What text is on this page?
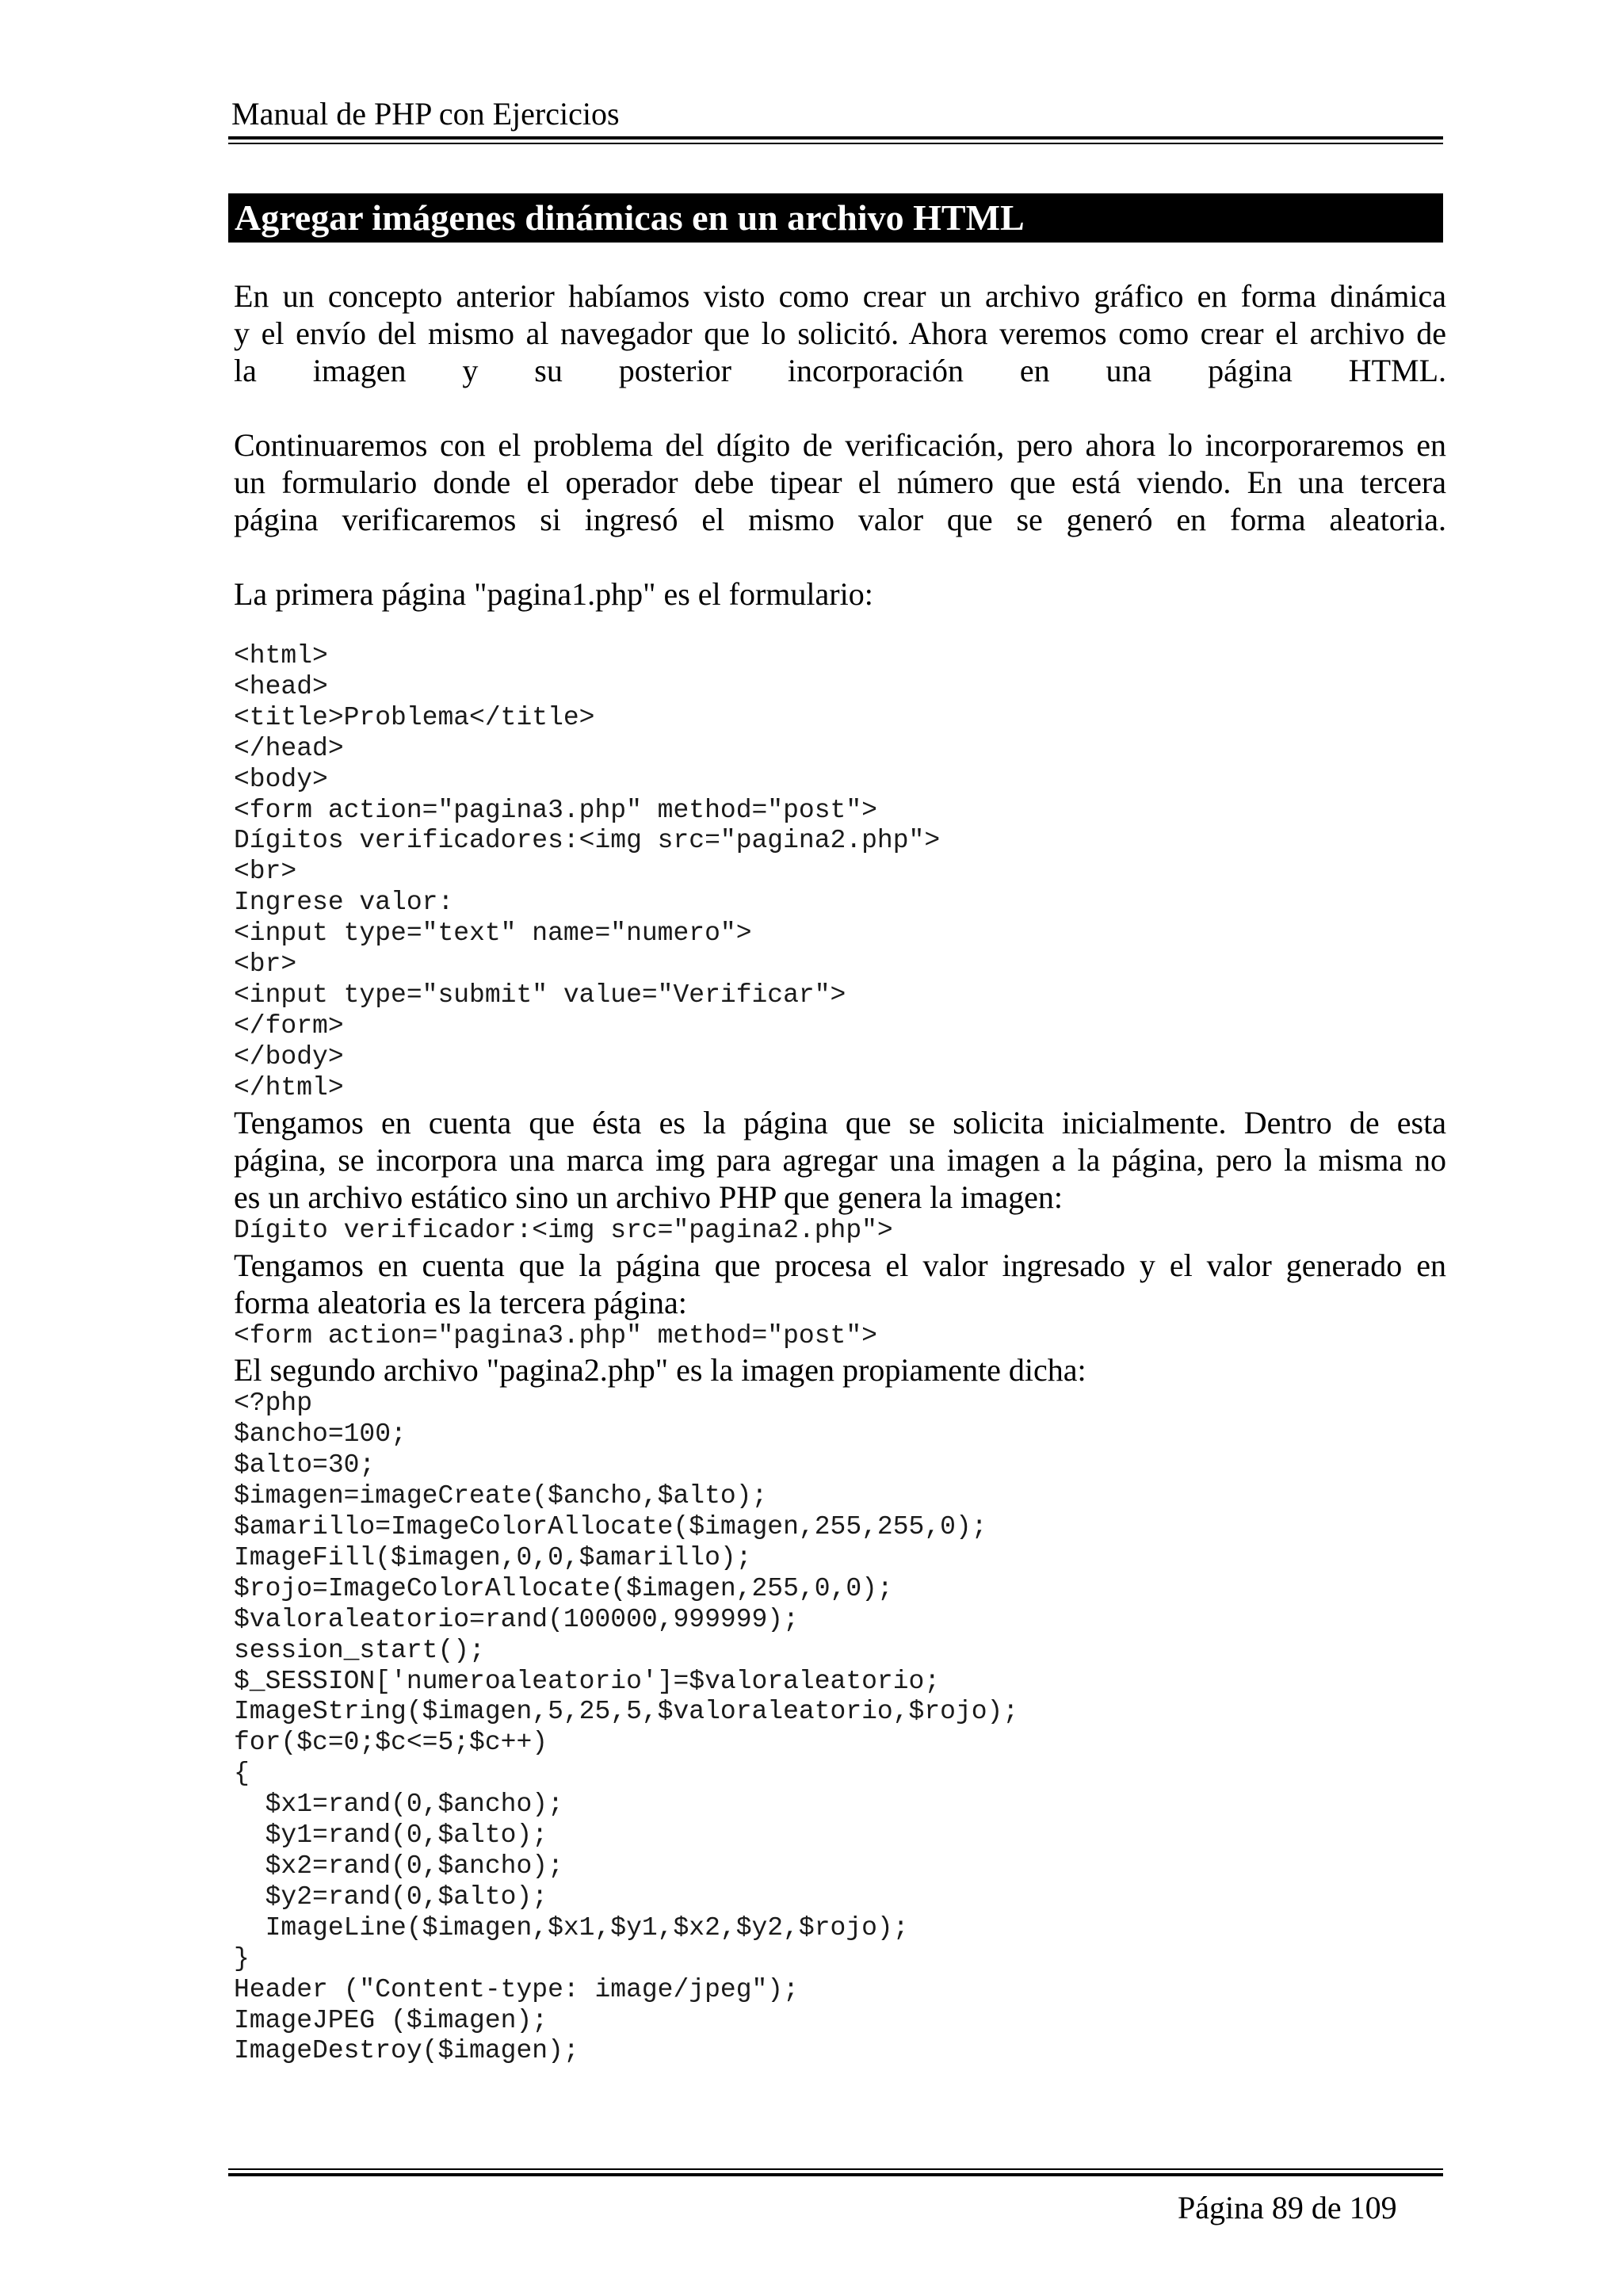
Manual de PHP con Ejercicios
Agregar imágenes dinámicas en un archivo HTML

En un concepto anterior habíamos visto como crear un archivo gráfico en forma dinámica

y el envío del mismo al navegador que lo solicitó. Ahora veremos como crear el archivo de

la imagen y su posterior incorporación en una página HTML.

Continuaremos con el problema del dígito de verificación, pero ahora lo incorporaremos en

un formulario donde el operador debe tipear el número que está viendo. En una tercera

página verificaremos si ingresó el mismo valor que se generó en forma aleatoria.

La primera página "pagina1.php" es el formulario:

<html>
<head>
<title>Problema</title>
</head>
<body>
<form action="pagina3.php" method="post">
Dígitos verificadores:<img src="pagina2.php">
<br>
Ingrese valor:
<input type="text" name="numero">
<br>
<input type="submit" value="Verificar">
</form>
</body>
</html>

Tengamos en cuenta que ésta es la página que se solicita inicialmente. Dentro de esta

página, se incorpora una marca img para agregar una imagen a la página, pero la misma no

es un archivo estático sino un archivo PHP que genera la imagen:

Dígito verificador:<img src="pagina2.php">

Tengamos en cuenta que la página que procesa el valor ingresado y el valor generado en

forma aleatoria es la tercera página:

<form action="pagina3.php" method="post">

El segundo archivo "pagina2.php" es la imagen propiamente dicha:

<?php
$ancho=100;
$alto=30;
$imagen=imageCreate($ancho,$alto);
$amarillo=ImageColorAllocate($imagen,255,255,0);
ImageFill($imagen,0,0,$amarillo);
$rojo=ImageColorAllocate($imagen,255,0,0);
$valoraleatorio=rand(100000,999999);
session_start();
$_SESSION['numeroaleatorio']=$valoraleatorio;
ImageString($imagen,5,25,5,$valoraleatorio,$rojo);
for($c=0;$c<=5;$c++)
{
$x1=rand(0,$ancho);
$y1=rand(0,$alto);
$x2=rand(0,$ancho);
$y2=rand(0,$alto);
ImageLine($imagen,$x1,$y1,$x2,$y2,$rojo);
}
Header ("Content-type: image/jpeg");
ImageJPEG ($imagen);
ImageDestroy($imagen);
Página 89 de 109
